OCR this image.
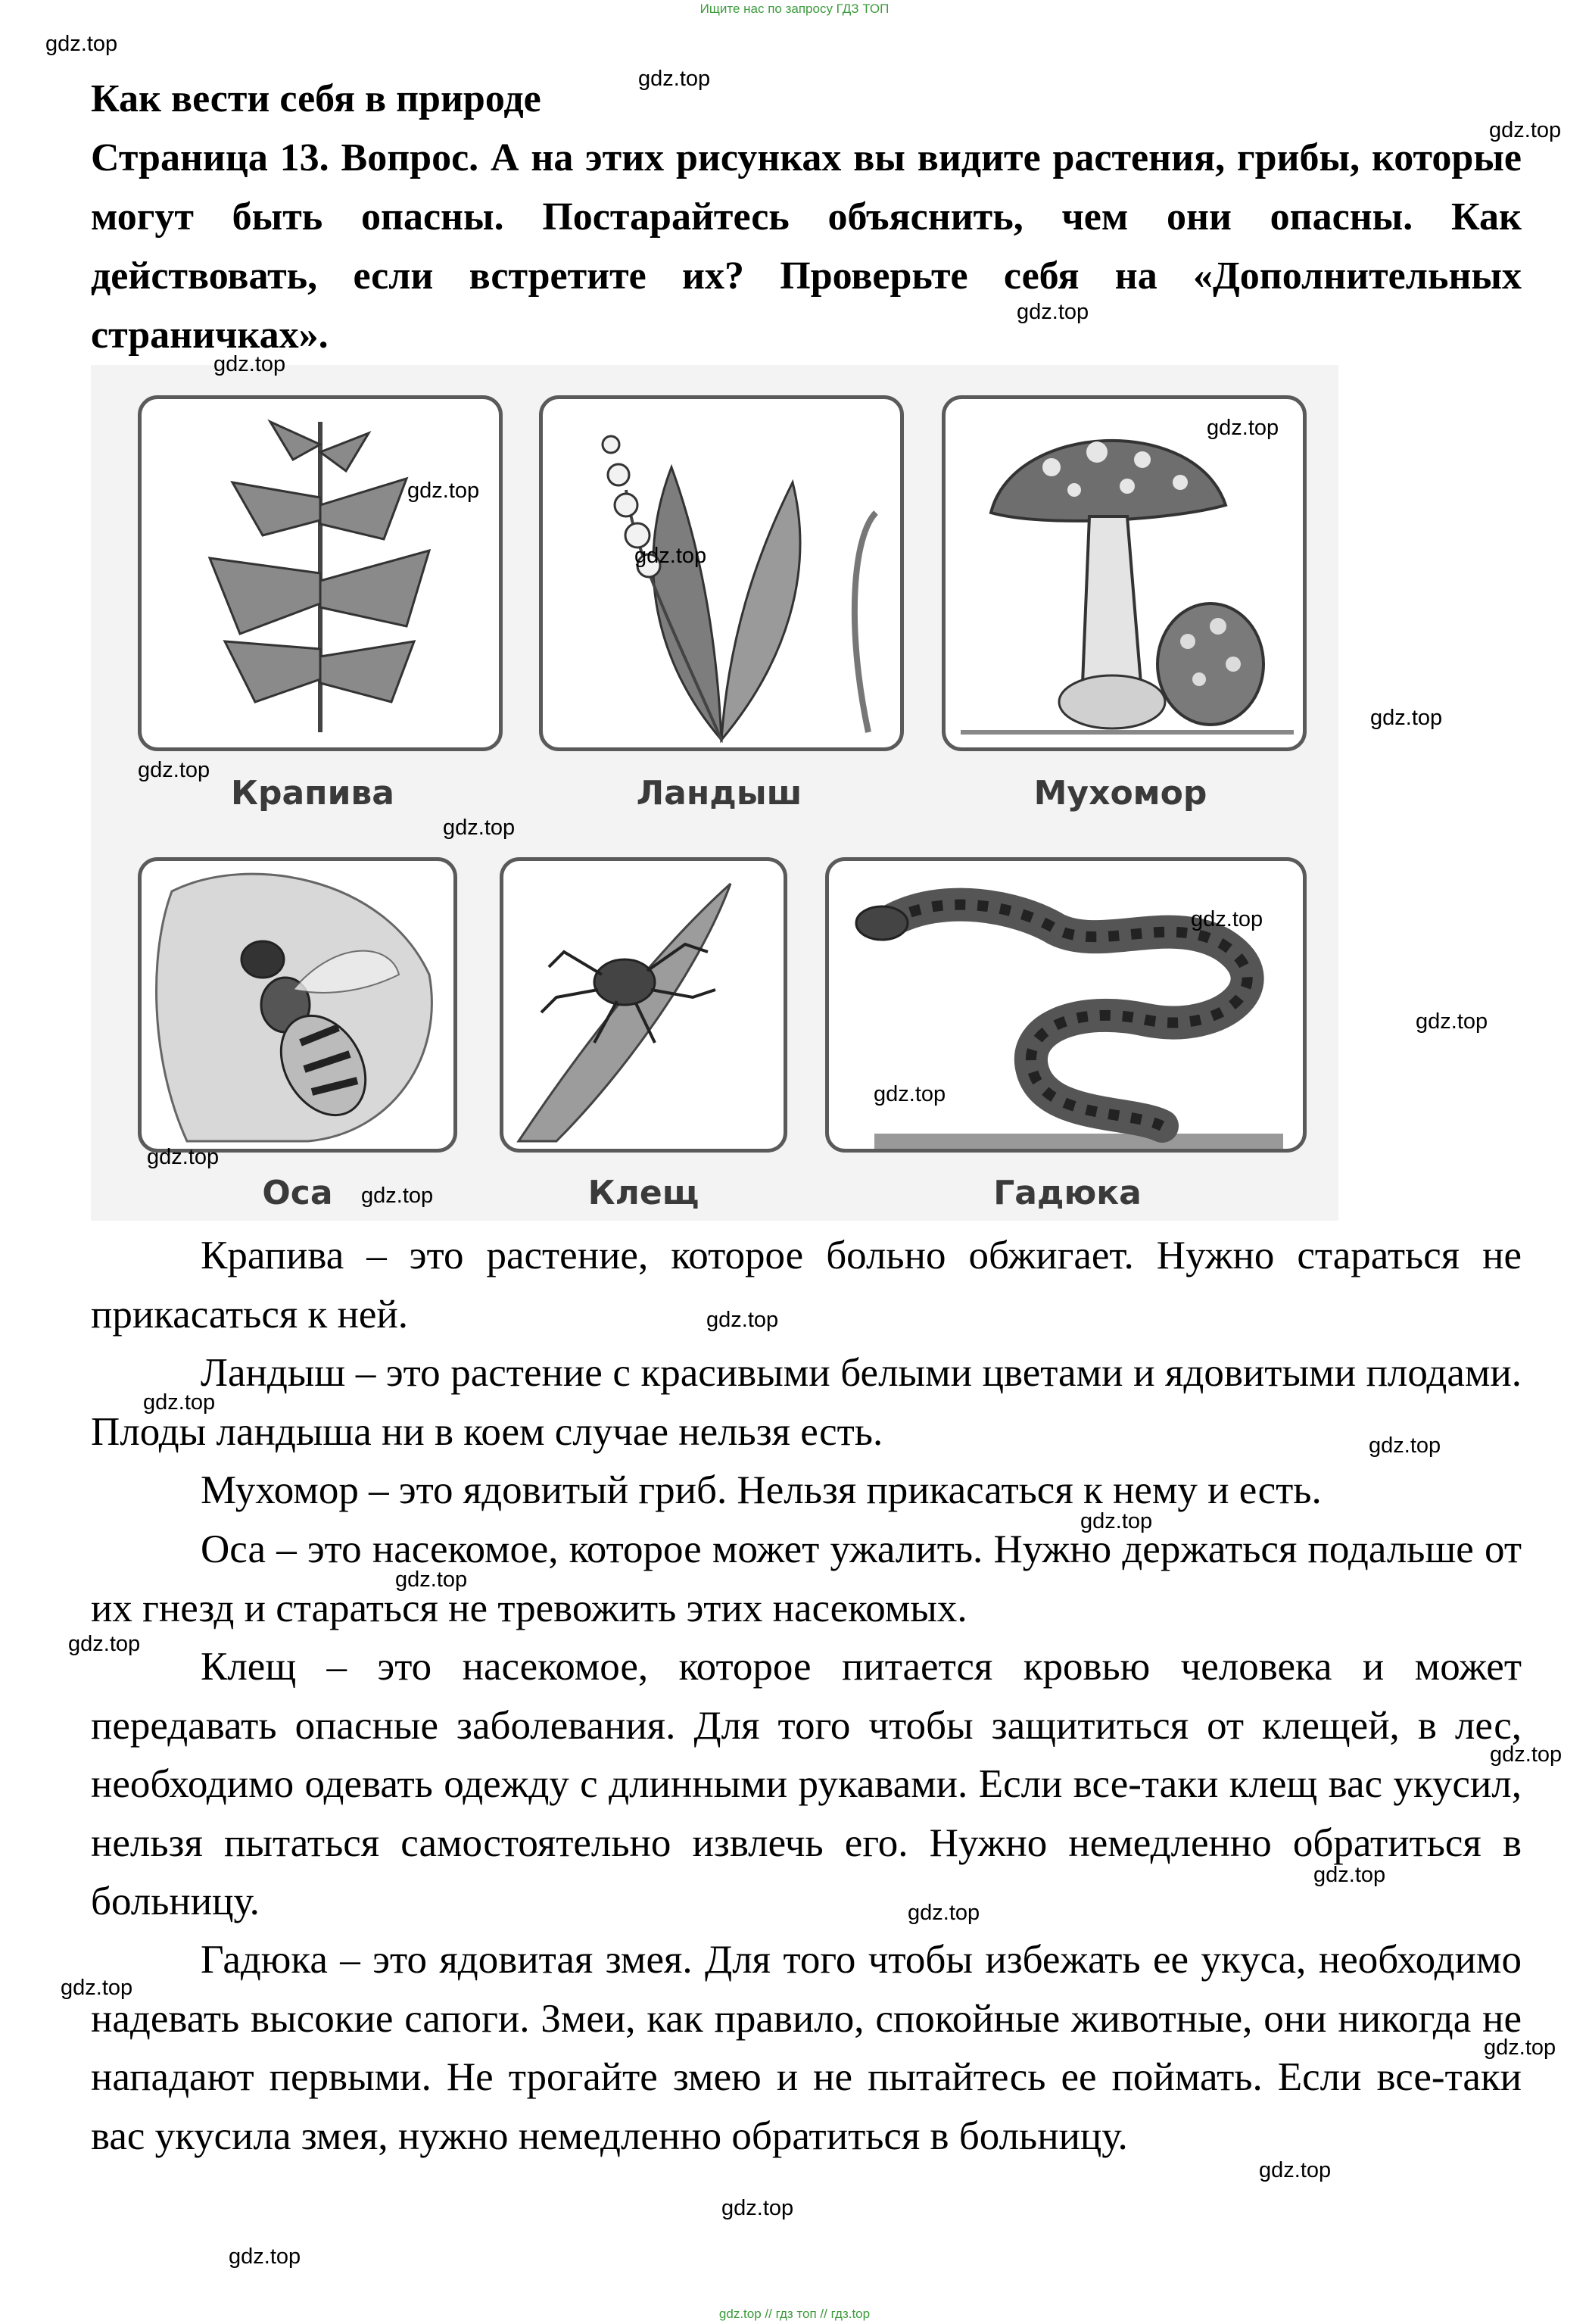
Ищите нас по запросу ГДЗ ТОП
Как вести себя в природе
Страница 13. Вопрос. А на этих рисунках вы видите растения, грибы, которые могут быть опасны. Постарайтесь объяснить, чем они опасны. Как действовать, если встретите их? Проверьте себя на «Дополнительных страничках».
Крапива	Ландыш	Мухомор
Оса	Клещ	Гадюка
Крапива – это растение, которое больно обжигает. Нужно стараться не прикасаться к ней.
Ландыш – это растение с красивыми белыми цветами и ядовитыми плодами. Плоды ландыша ни в коем случае нельзя есть.
Мухомор – это ядовитый гриб. Нельзя прикасаться к нему и есть.
Оса – это насекомое, которое может ужалить. Нужно держаться подальше от их гнезд и стараться не тревожить этих насекомых.
Клещ – это насекомое, которое питается кровью человека и может передавать опасные заболевания. Для того чтобы защититься от клещей, в лес, необходимо одевать одежду с длинными рукавами. Если все-таки клещ вас укусил, нельзя пытаться самостоятельно извлечь его. Нужно немедленно обратиться в больницу.
Гадюка – это ядовитая змея. Для того чтобы избежать ее укуса, необходимо надевать высокие сапоги. Змеи, как правило, спокойные животные, они никогда не нападают первыми. Не трогайте змею и не пытайтесь ее поймать. Если все-таки вас укусила змея, нужно немедленно обратиться в больницу.
gdz.top
gdz.top
gdz.top
gdz.top
gdz.top
gdz.top
gdz.top
gdz.top
gdz.top
gdz.top
gdz.top
gdz.top
gdz.top
gdz.top
gdz.top
gdz.top
gdz.top
gdz.top
gdz.top
gdz.top
gdz.top
gdz.top
gdz.top
gdz.top
gdz.top
gdz.top
gdz.top
gdz.top
gdz.top
gdz.top
gdz.top // гдз топ // гдз.top
